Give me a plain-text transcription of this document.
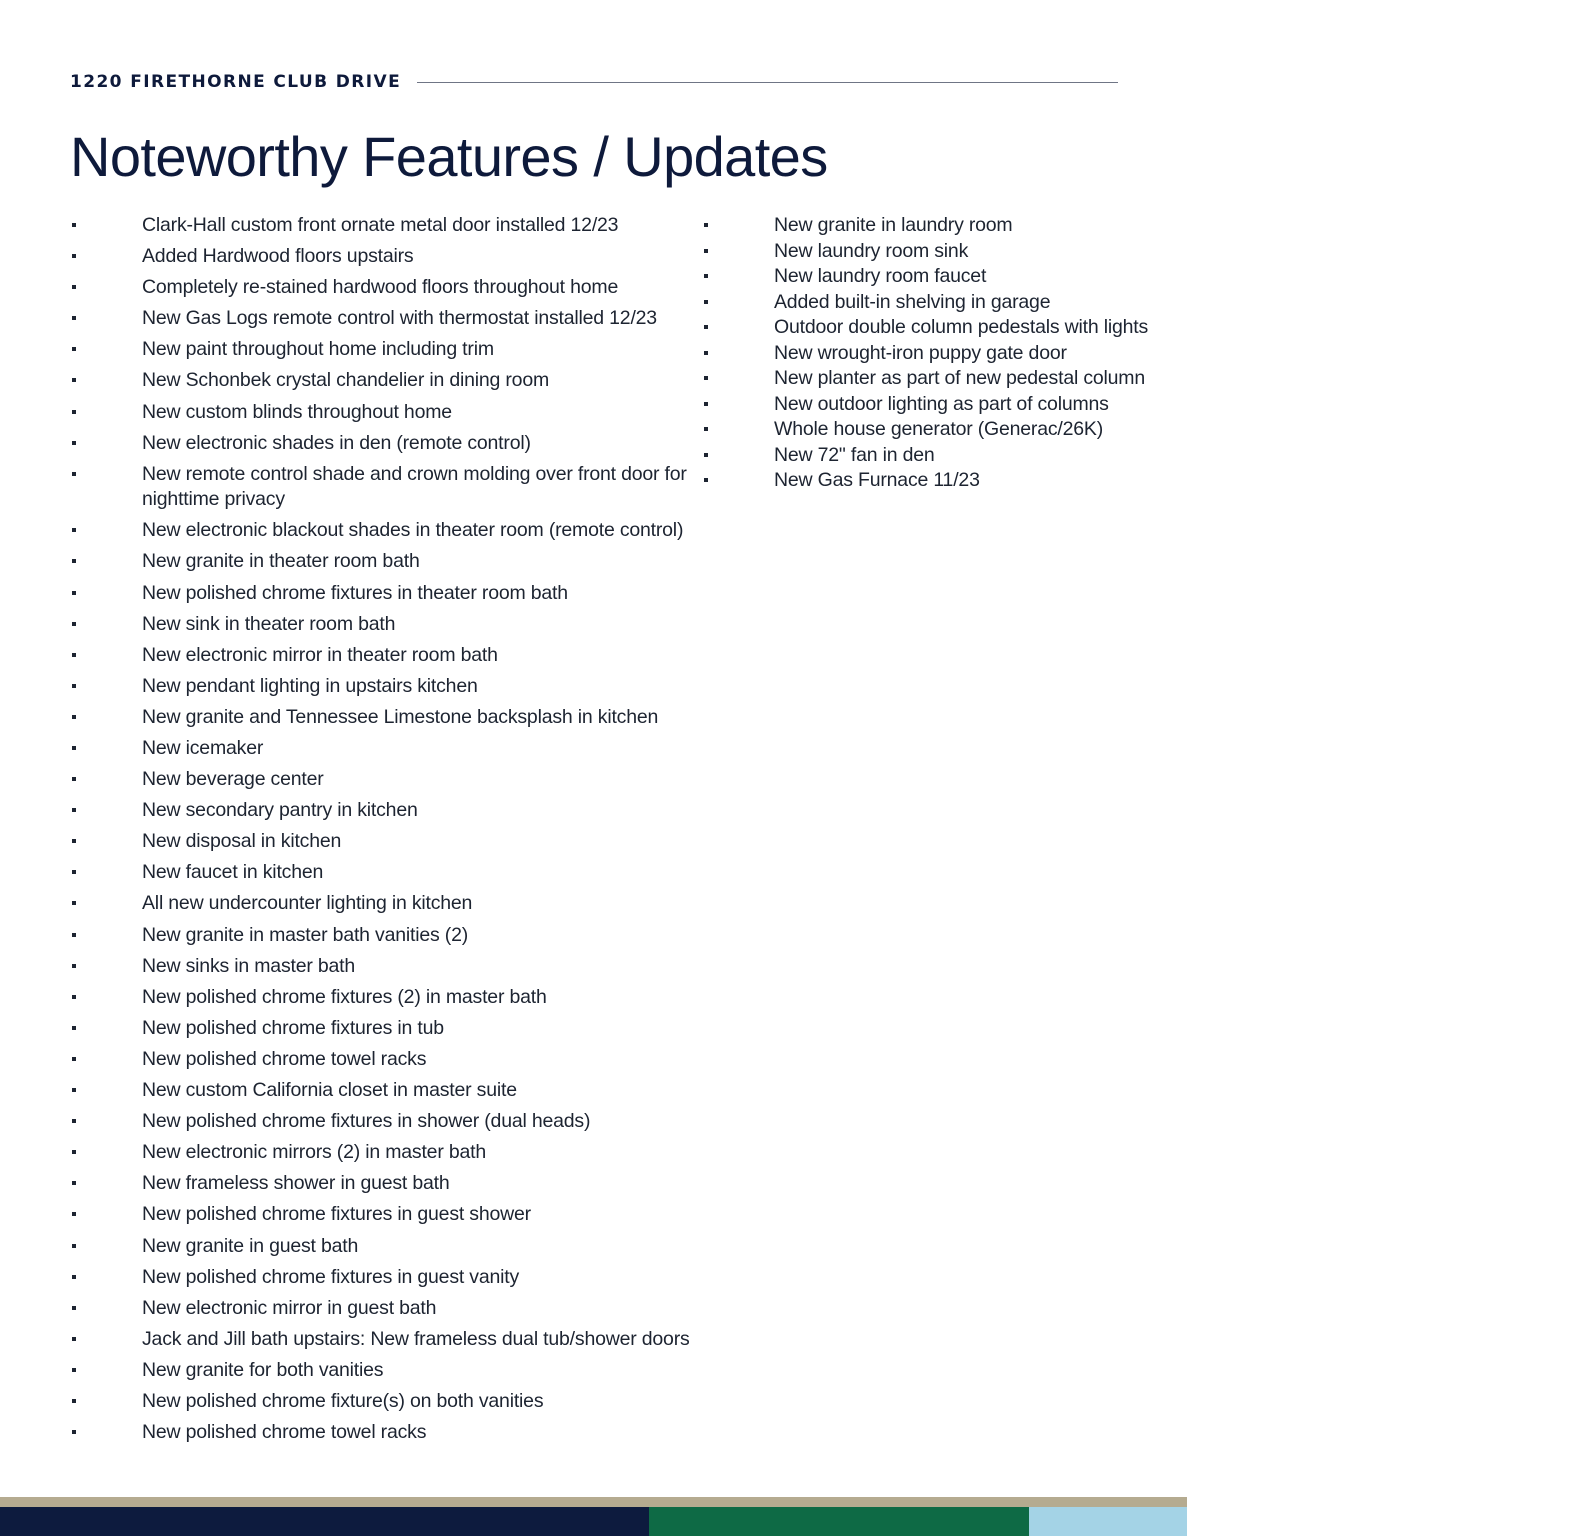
1220 FIRETHORNE CLUB DRIVE
Noteworthy Features / Updates
Clark-Hall custom front ornate metal door installed 12/23
Added Hardwood floors upstairs
Completely re-stained hardwood floors throughout home
New Gas Logs remote control with thermostat installed 12/23
New paint throughout home including trim
New Schonbek crystal chandelier in dining room
New custom blinds throughout home
New electronic shades in den (remote control)
New remote control shade and crown molding over front door for nighttime privacy
New electronic blackout shades in theater room (remote control)
New granite in theater room bath
New polished chrome fixtures in theater room bath
New sink in theater room bath
New electronic mirror in theater room bath
New pendant lighting in upstairs kitchen
New granite and Tennessee Limestone backsplash in kitchen
New icemaker
New beverage center
New secondary pantry in kitchen
New disposal in kitchen
New faucet in kitchen
All new undercounter lighting in kitchen
New granite in master bath vanities (2)
New sinks in master bath
New polished chrome fixtures (2) in master bath
New polished chrome fixtures in tub
New polished chrome towel racks
New custom California closet in master suite
New polished chrome fixtures in shower (dual heads)
New electronic mirrors (2) in master bath
New frameless shower in guest bath
New polished chrome fixtures in guest shower
New granite in guest bath
New polished chrome fixtures in guest vanity
New electronic mirror in guest bath
Jack and Jill bath upstairs: New frameless dual tub/shower doors
New granite for both vanities
New polished chrome fixture(s) on both vanities
New polished chrome towel racks
New granite in laundry room
New laundry room sink
New laundry room faucet
Added built-in shelving in garage
Outdoor double column pedestals with lights
New wrought-iron puppy gate door
New planter as part of new pedestal column
New outdoor lighting as part of columns
Whole house generator (Generac/26K)
New 72" fan in den
New Gas Furnace 11/23
MLS
